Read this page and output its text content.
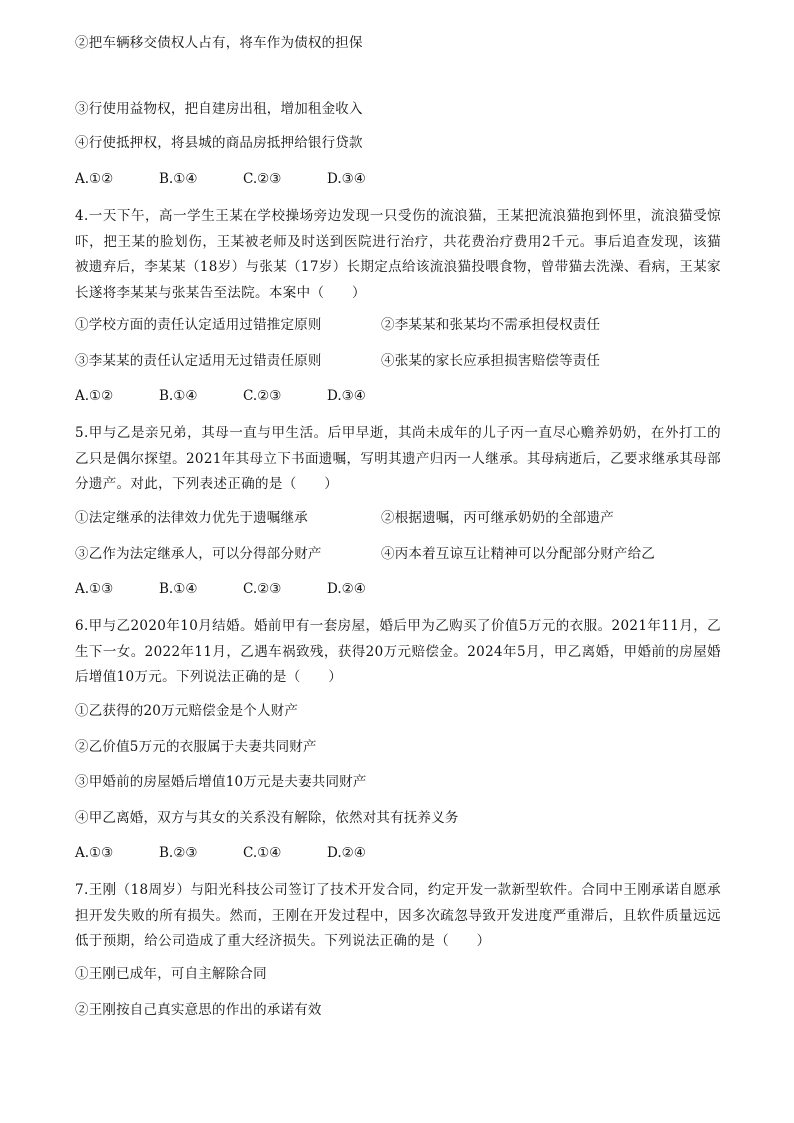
②把车辆移交债权人占有，将车作为债权的担保
③行使用益物权，把自建房出租，增加租金收入
④行使抵押权，将县城的商品房抵押给银行贷款
A.①②	B.①④	C.②③	D.③④
4.一天下午，高一学生王某在学校操场旁边发现一只受伤的流浪猫，王某把流浪猫抱到怀里，流浪猫受惊吓，把王某的脸划伤，王某被老师及时送到医院进行治疗，共花费治疗费用2千元。事后追查发现，该猫被遗弃后，李某某（18岁）与张某（17岁）长期定点给该流浪猫投喂食物，曾带猫去洗澡、看病，王某家长遂将李某某与张某告至法院。本案中（　　）
①学校方面的责任认定适用过错推定原则	②李某某和张某均不需承担侵权责任
③李某某的责任认定适用无过错责任原则	④张某的家长应承担损害赔偿等责任
A.①②	B.①④	C.②③	D.③④
5.甲与乙是亲兄弟，其母一直与甲生活。后甲早逝，其尚未成年的儿子丙一直尽心赡养奶奶，在外打工的乙只是偶尔探望。2021年其母立下书面遗嘱，写明其遗产归丙一人继承。其母病逝后，乙要求继承其母部分遗产。对此，下列表述正确的是（　　）
①法定继承的法律效力优先于遗嘱继承	②根据遗嘱，丙可继承奶奶的全部遗产
③乙作为法定继承人，可以分得部分财产	④丙本着互谅互让精神可以分配部分财产给乙
A.①③	B.①④	C.②③	D.②④
6.甲与乙2020年10月结婚。婚前甲有一套房屋，婚后甲为乙购买了价值5万元的衣服。2021年11月，乙生下一女。2022年11月，乙遇车祸致残，获得20万元赔偿金。2024年5月，甲乙离婚，甲婚前的房屋婚后增值10万元。下列说法正确的是（　　）
①乙获得的20万元赔偿金是个人财产
②乙价值5万元的衣服属于夫妻共同财产
③甲婚前的房屋婚后增值10万元是夫妻共同财产
④甲乙离婚，双方与其女的关系没有解除，依然对其有抚养义务
A.①③	B.②③	C.①④	D.②④
7.王刚（18周岁）与阳光科技公司签订了技术开发合同，约定开发一款新型软件。合同中王刚承诺自愿承担开发失败的所有损失。然而，王刚在开发过程中，因多次疏忽导致开发进度严重滞后，且软件质量远远低于预期，给公司造成了重大经济损失。下列说法正确的是（　　）
①王刚已成年，可自主解除合同
②王刚按自己真实意思的作出的承诺有效
